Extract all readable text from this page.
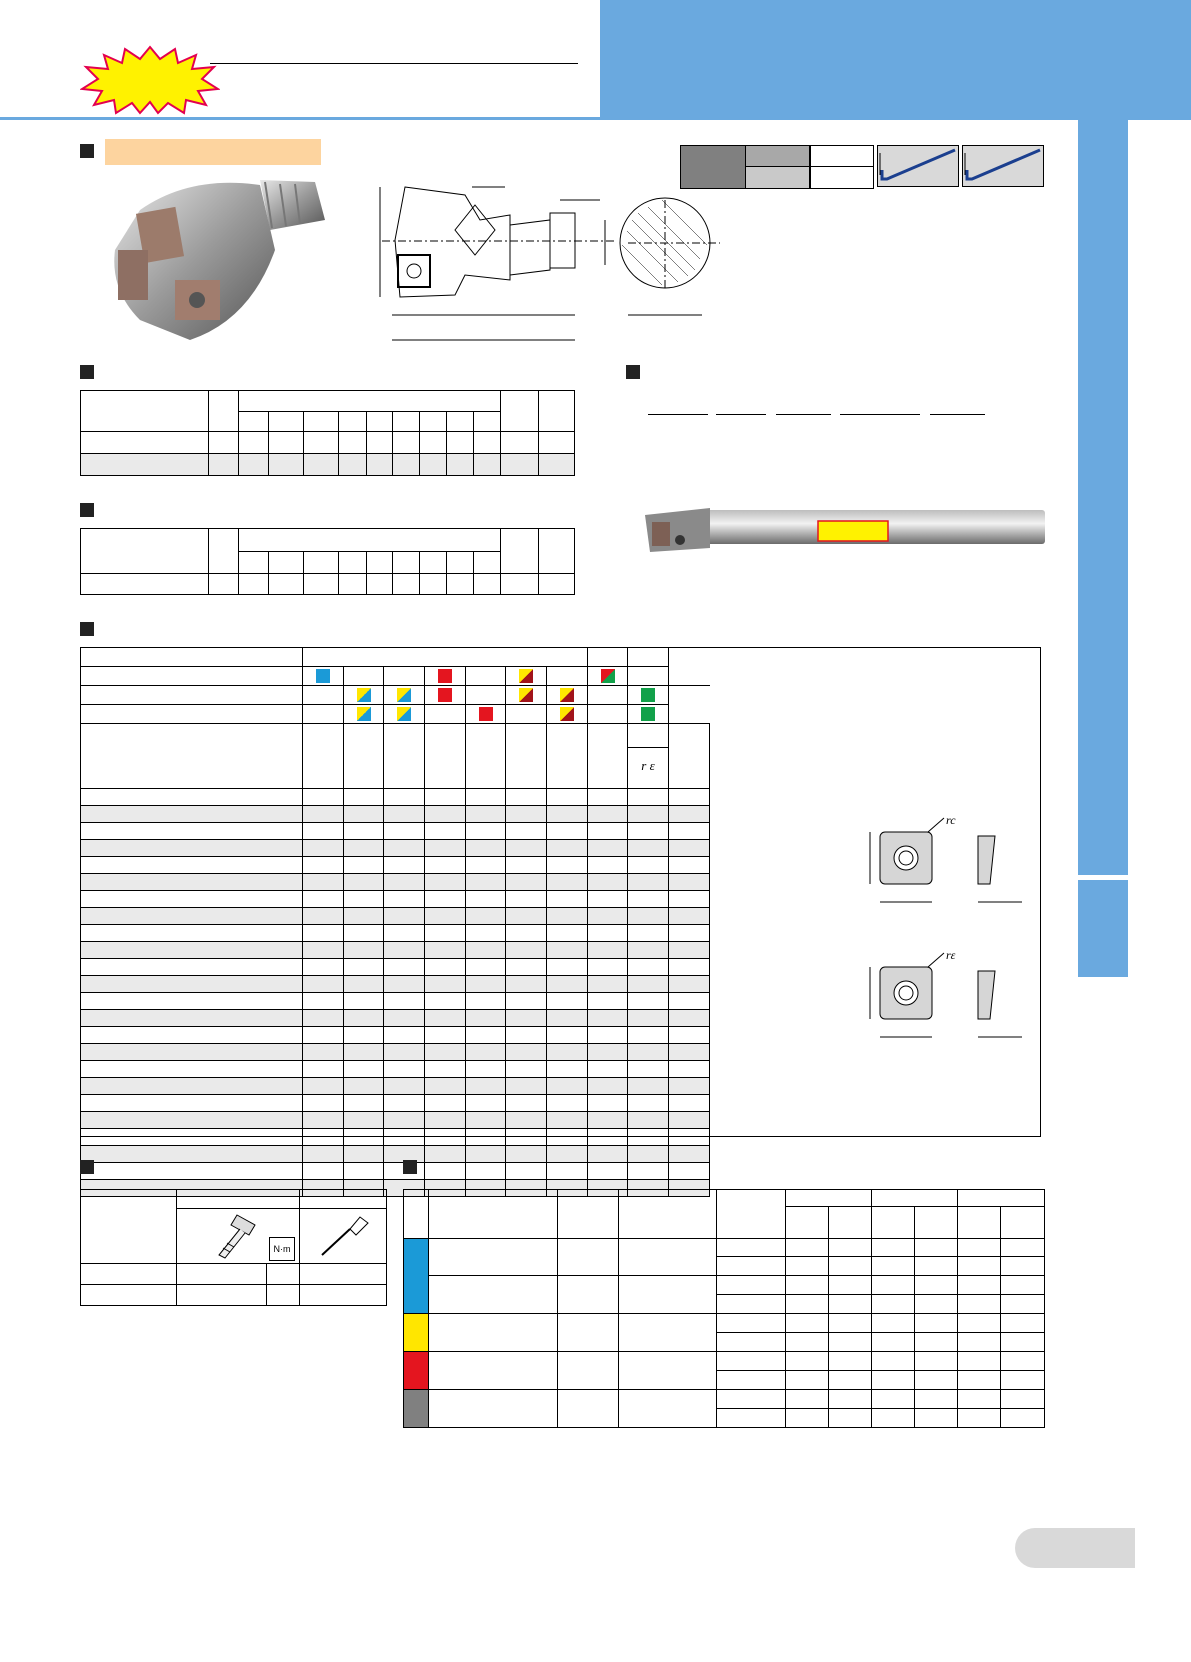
									r ε		

rc
rε

	N·m
